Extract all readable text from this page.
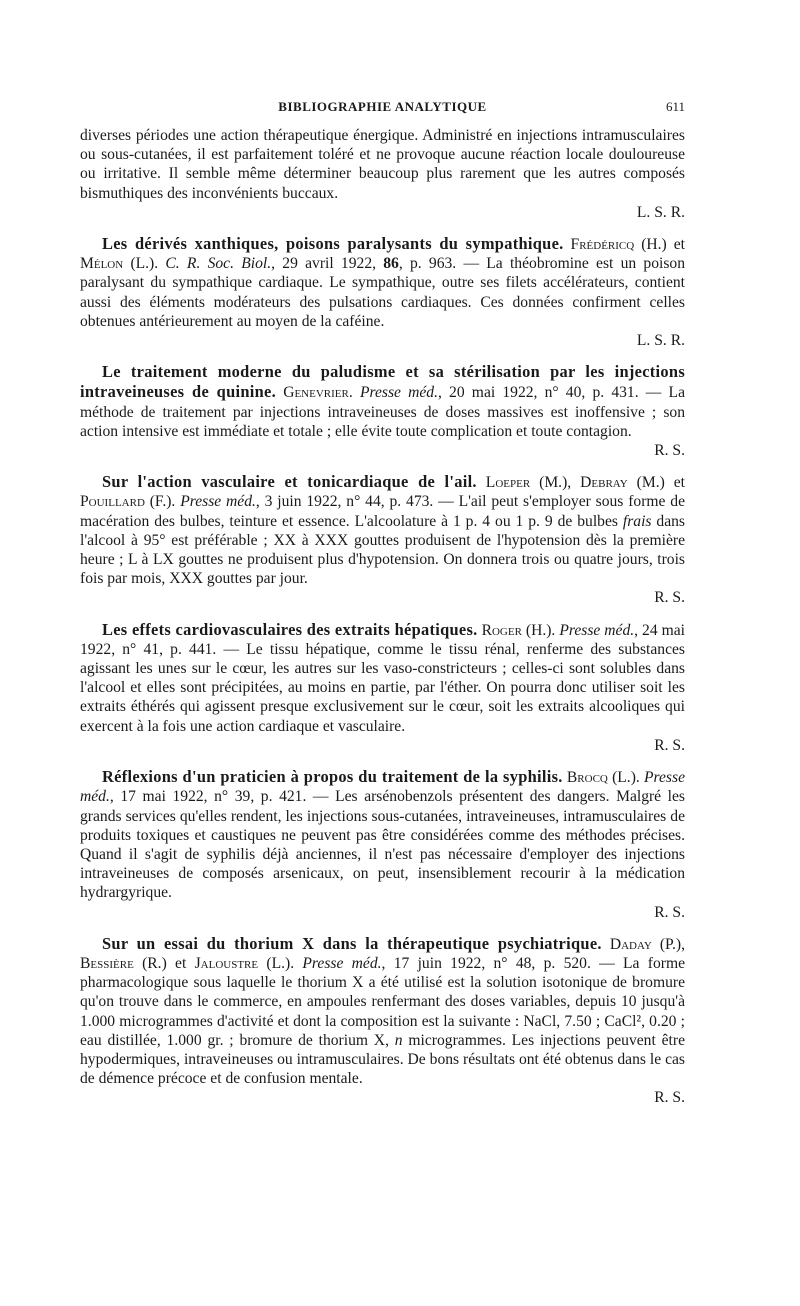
BIBLIOGRAPHIE ANALYTIQUE	611

diverses périodes une action thérapeutique énergique. Administré en injections intramusculaires ou sous-cutanées, il est parfaitement toléré et ne provoque aucune réaction locale douloureuse ou irritative. Il semble même déterminer beaucoup plus rarement que les autres composés bismuthiques des inconvénients buccaux.

L. S. R.

Les dérivés xanthiques, poisons paralysants du sympathique. Frédéricq (H.) et Mélon (L.). C. R. Soc. Biol., 29 avril 1922, 86, p. 963. — La théobromine est un poison paralysant du sympathique cardiaque. Le sympathique, outre ses filets accélérateurs, contient aussi des éléments modérateurs des pulsations cardiaques. Ces données confirment celles obtenues antérieurement au moyen de la caféine.

L. S. R.

Le traitement moderne du paludisme et sa stérilisation par les injections intraveineuses de quinine. Genevrier. Presse méd., 20 mai 1922, n° 40, p. 431. — La méthode de traitement par injections intraveineuses de doses massives est inoffensive ; son action intensive est immédiate et totale ; elle évite toute complication et toute contagion.

R. S.

Sur l'action vasculaire et tonicardiaque de l'ail. Loeper (M.), Debray (M.) et Pouillard (F.). Presse méd., 3 juin 1922, n° 44, p. 473. — L'ail peut s'employer sous forme de macération des bulbes, teinture et essence. L'alcoolature à 1 p. 4 ou 1 p. 9 de bulbes frais dans l'alcool à 95° est préférable ; XX à XXX gouttes produisent de l'hypotension dès la première heure ; L à LX gouttes ne produisent plus d'hypotension. On donnera trois ou quatre jours, trois fois par mois, XXX gouttes par jour.

R. S.

Les effets cardiovasculaires des extraits hépatiques. Roger (H.). Presse méd., 24 mai 1922, n° 41, p. 441. — Le tissu hépatique, comme le tissu rénal, renferme des substances agissant les unes sur le cœur, les autres sur les vaso-constricteurs ; celles-ci sont solubles dans l'alcool et elles sont précipitées, au moins en partie, par l'éther. On pourra donc utiliser soit les extraits éthérés qui agissent presque exclusivement sur le cœur, soit les extraits alcooliques qui exercent à la fois une action cardiaque et vasculaire.

R. S.

Réflexions d'un praticien à propos du traitement de la syphilis. Brocq (L.). Presse méd., 17 mai 1922, n° 39, p. 421. — Les arsénobenzols présentent des dangers. Malgré les grands services qu'elles rendent, les injections sous-cutanées, intraveineuses, intramusculaires de produits toxiques et caustiques ne peuvent pas être considérées comme des méthodes précises. Quand il s'agit de syphilis déjà anciennes, il n'est pas nécessaire d'employer des injections intraveineuses de composés arsenicaux, on peut, insensiblement recourir à la médication hydrargyrique.

R. S.

Sur un essai du thorium X dans la thérapeutique psychiatrique. Daday (P.), Bessière (R.) et Jaloustre (L.). Presse méd., 17 juin 1922, n° 48, p. 520. — La forme pharmacologique sous laquelle le thorium X a été utilisé est la solution isotonique de bromure qu'on trouve dans le commerce, en ampoules renfermant des doses variables, depuis 10 jusqu'à 1.000 microgrammes d'activité et dont la composition est la suivante : NaCl, 7.50 ; CaCl², 0.20 ; eau distillée, 1.000 gr. ; bromure de thorium X, n microgrammes. Les injections peuvent être hypodermiques, intraveineuses ou intramusculaires. De bons résultats ont été obtenus dans le cas de démence précoce et de confusion mentale.

R. S.
